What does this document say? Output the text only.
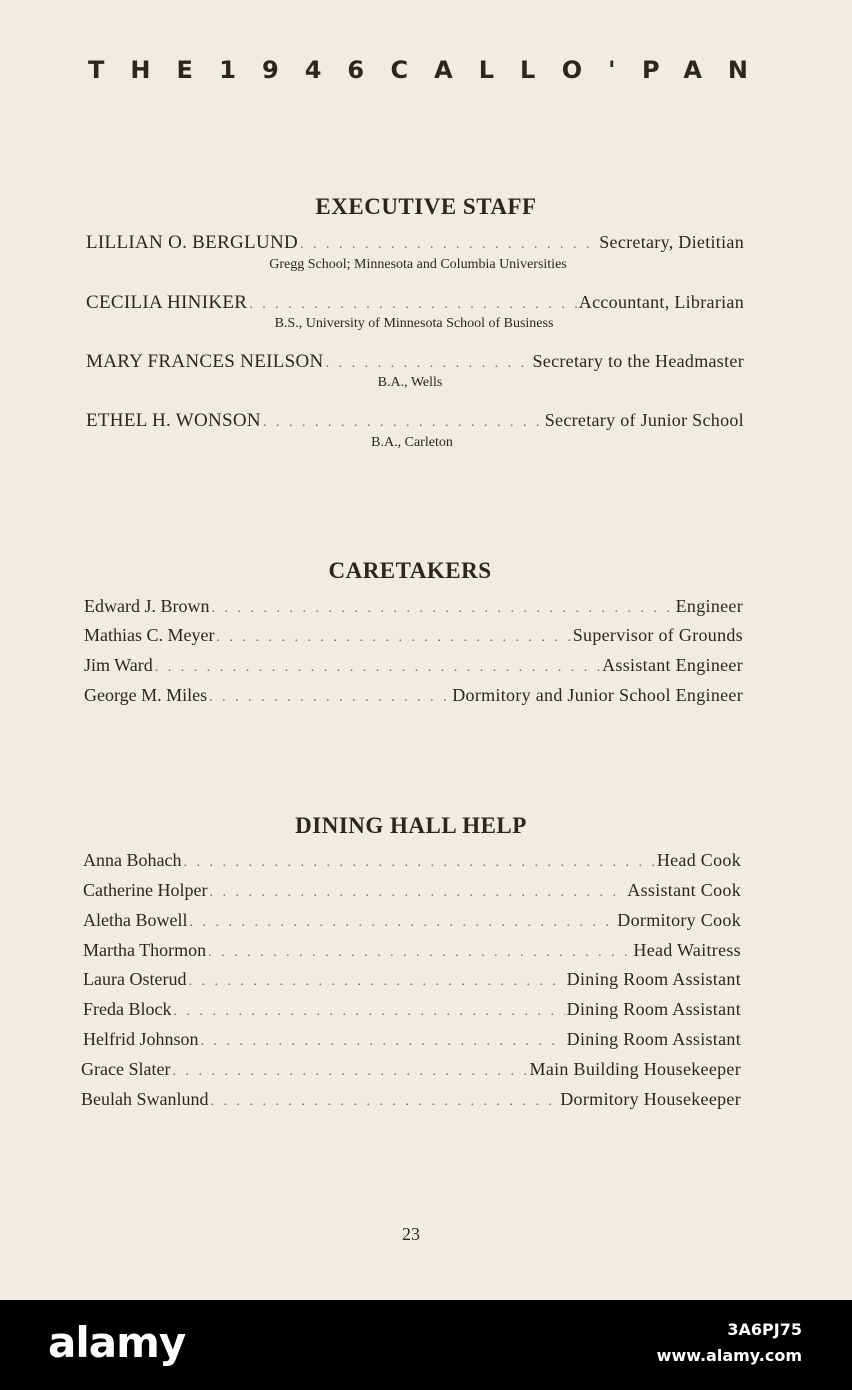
THE 1946 CALL O' PAN
EXECUTIVE STAFF
LILLIAN O. BERGLUND . . .	Secretary, Dietitian
Gregg School; Minnesota and Columbia Universities
CECILIA HINIKER . . .	Accountant, Librarian
B.S., University of Minnesota School of Business
MARY FRANCES NEILSON . . .	Secretary to the Headmaster
B.A., Wells
ETHEL H. WONSON . . .	Secretary of Junior School
B.A., Carleton
CARETAKERS
Edward J. Brown . . .	Engineer
Mathias C. Meyer . . .	Supervisor of Grounds
Jim Ward . . .	Assistant Engineer
George M. Miles . . .	Dormitory and Junior School Engineer
DINING HALL HELP
Anna Bohach . . .	Head Cook
Catherine Holper . . .	Assistant Cook
Aletha Bowell . . .	Dormitory Cook
Martha Thormon . . .	Head Waitress
Laura Osterud . . .	Dining Room Assistant
Freda Block . . .	Dining Room Assistant
Helfrid Johnson . . .	Dining Room Assistant
Grace Slater . . .	Main Building Housekeeper
Beulah Swanlund . . .	Dormitory Housekeeper
23
alamy	3A6PJ75
www.alamy.com
